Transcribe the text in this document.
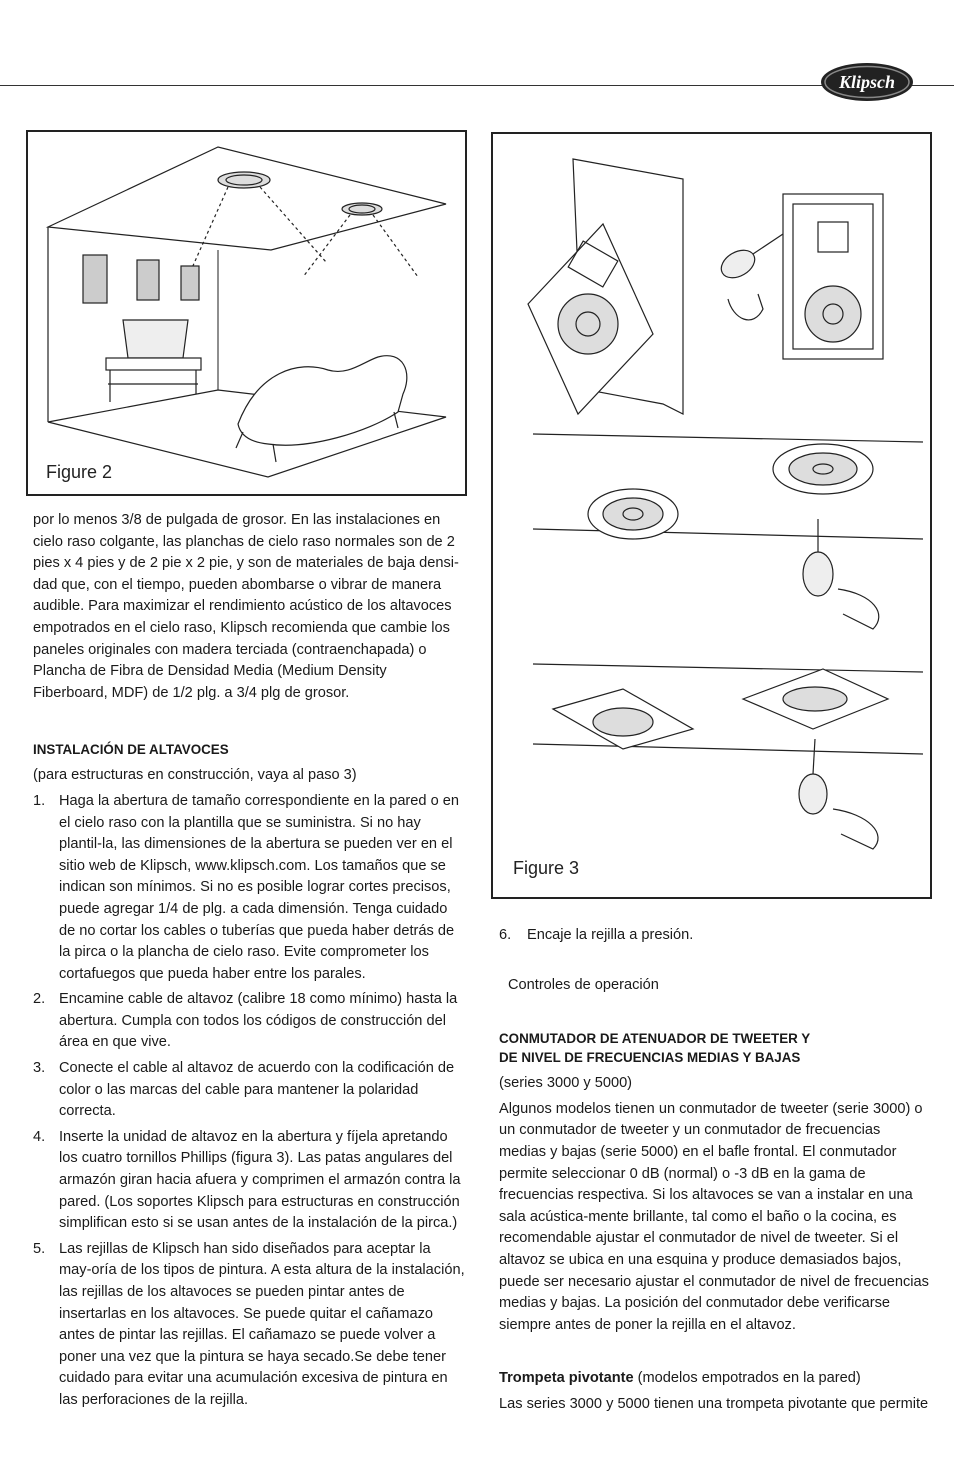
Klipsch
Figure 2
Figure 3

por lo menos 3/8 de pulgada de grosor. En las instalaciones en cielo raso colgante, las planchas de cielo raso normales son de 2 pies x 4 pies y de 2 pie x 2 pie, y son de materiales de baja densi-dad que, con el tiempo, pueden abombarse o vibrar de manera audible. Para maximizar el rendimiento acústico de los altavoces empotrados en el cielo raso, Klipsch recomienda que cambie los paneles originales con madera terciada (contraenchapada) o Plancha de Fibra de Densidad Media (Medium Density Fiberboard, MDF) de 1/2 plg. a 3/4 plg de grosor.

INSTALACIÓN DE ALTAVOCES

(para estructuras en construcción, vaya al paso 3)

1. Haga la abertura de tamaño correspondiente en la pared o en el cielo raso con la plantilla que se suministra. Si no hay plantil-la, las dimensiones de la abertura se pueden ver en el sitio web de Klipsch, www.klipsch.com. Los tamaños que se indican son mínimos. Si no es posible lograr cortes precisos, puede agregar 1/4 de plg. a cada dimensión. Tenga cuidado de no cortar los cables o tuberías que pueda haber detrás de la pirca o la plancha de cielo raso. Evite comprometer los cortafuegos que pueda haber entre los parales.
2. Encamine cable de altavoz (calibre 18 como mínimo) hasta la abertura. Cumpla con todos los códigos de construcción del área en que vive.
3. Conecte el cable al altavoz de acuerdo con la codificación de color o las marcas del cable para mantener la polaridad correcta.
4. Inserte la unidad de altavoz en la abertura y fíjela apretando los cuatro tornillos Phillips (figura 3). Las patas angulares del armazón giran hacia afuera y comprimen el armazón contra la pared. (Los soportes Klipsch para estructuras en construcción simplifican esto si se usan antes de la instalación de la pirca.)
5. Las rejillas de Klipsch han sido diseñados para aceptar la may-oría de los tipos de pintura. A esta altura de la instalación, las rejillas de los altavoces se pueden pintar antes de insertarlas en los altavoces. Se puede quitar el cañamazo antes de pintar las rejillas. El cañamazo se puede volver a poner una vez que la pintura se haya secado.Se debe tener cuidado para evitar una acumulación excesiva de pintura en las perforaciones de la rejilla.
6. Encaje la rejilla a presión.

Controles de operación

CONMUTADOR DE ATENUADOR DE TWEETER Y

DE NIVEL DE FRECUENCIAS MEDIAS Y BAJAS

(series 3000 y 5000)

Algunos modelos tienen un conmutador de tweeter (serie 3000) o un conmutador de tweeter y un conmutador de frecuencias medias y bajas (serie 5000) en el bafle frontal. El conmutador permite seleccionar 0 dB (normal) o -3 dB en la gama de frecuencias respectiva. Si los altavoces se van a instalar en una sala acústica-mente brillante, tal como el baño o la cocina, es recomendable ajustar el conmutador de nivel de tweeter. Si el altavoz se ubica en una esquina y produce demasiados bajos, puede ser necesario ajustar el conmutador de nivel de frecuencias medias y bajas. La posición del conmutador debe verificarse siempre antes de poner la rejilla en el altavoz.

Trompeta pivotante (modelos empotrados en la pared)

Las series 3000 y 5000 tienen una trompeta pivotante que permite
